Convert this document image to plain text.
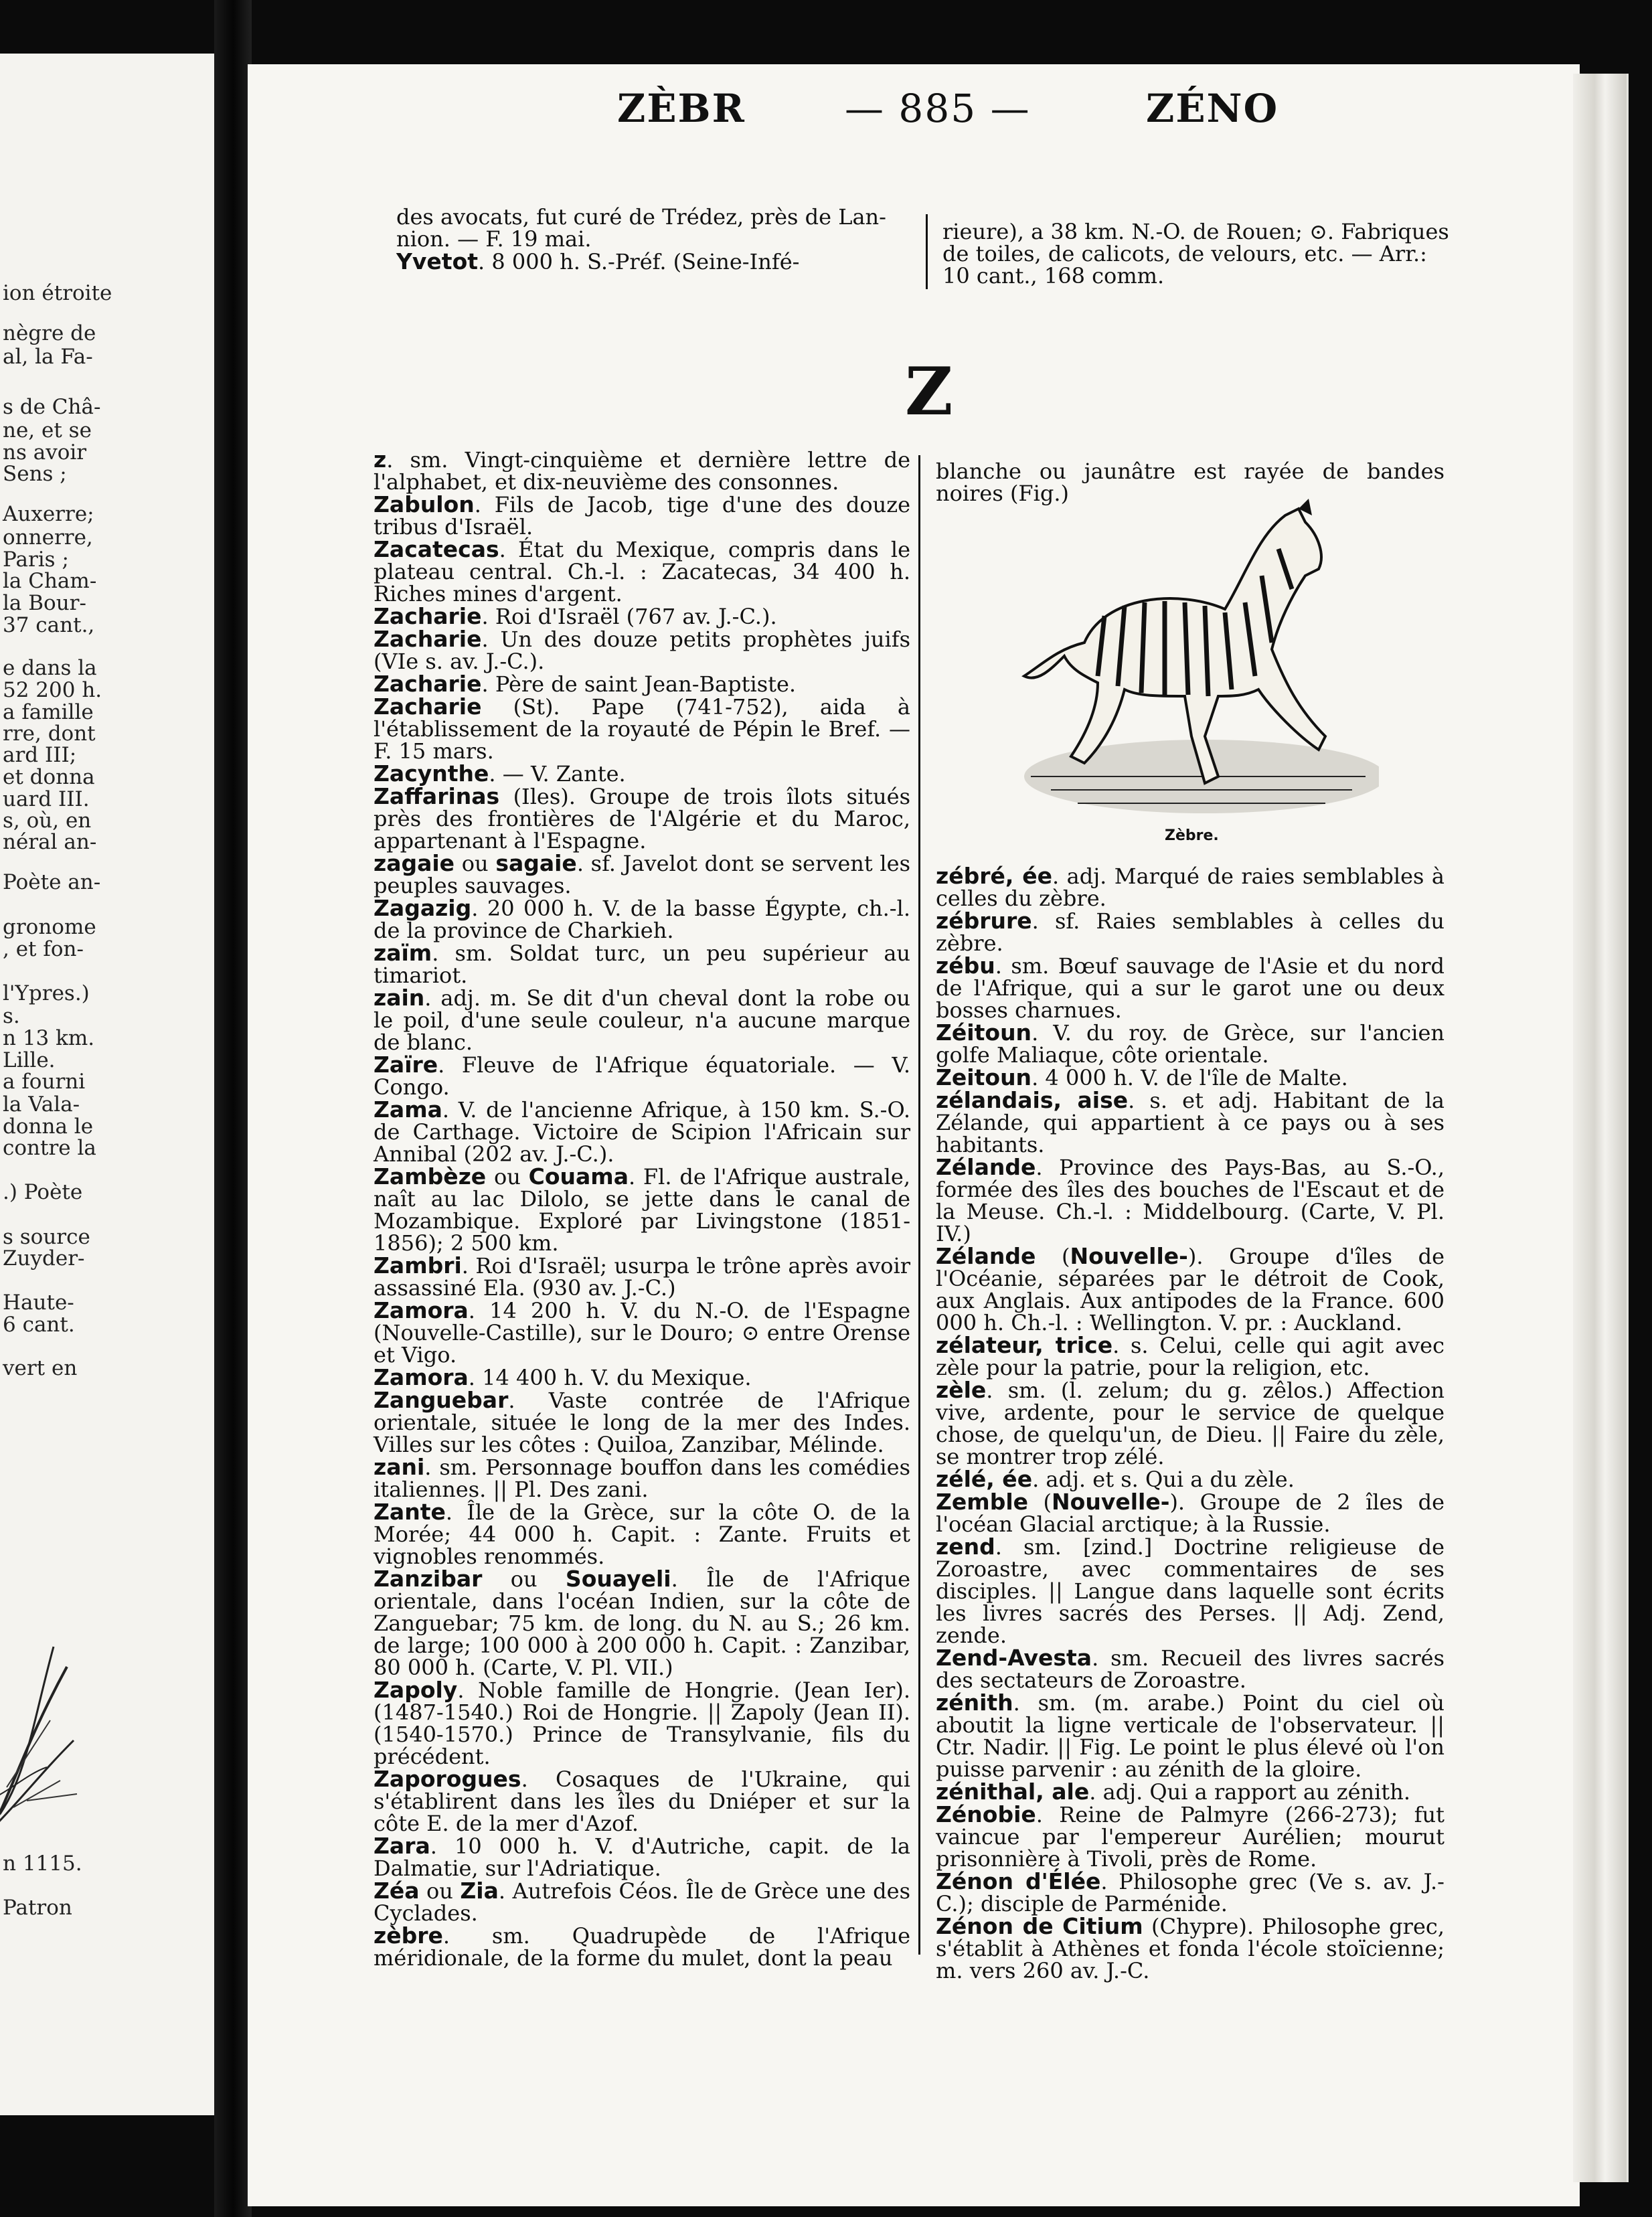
ion étroite
nègre de
al, la Fa-
s de Châ-
ne, et se
ns avoir
Sens ;
Auxerre;
onnerre,
Paris ;
la Cham-
la Bour-
37 cant.,
e dans la
52 200 h.
a famille
rre, dont
ard III;
et donna
uard III.
s, où, en
néral an-
Poète an-
gronome
, et fon-
l'Ypres.)
s.
n 13 km.
Lille.
a fourni
la Vala-
donna le
contre la
.) Poète
s source
Zuyder-
Haute-
6 cant.
vert en
n 1115.
Patron
ZÈBR	— 885 —	ZÉNO

des avocats, fut curé de Trédez, près de Lan-

nion. — F. 19 mai.

Yvetot. 8 000 h. S.-Préf. (Seine-Infé-

rieure), a 38 km. N.-O. de Rouen; ⊙. Fabriques

de toiles, de calicots, de velours, etc. — Arr.:

10 cant., 168 comm.

Z

z. sm. Vingt-cinquième et dernière lettre de l'alphabet, et dix-neuvième des consonnes.

Zabulon. Fils de Jacob, tige d'une des douze tribus d'Israël.

Zacatecas. État du Mexique, compris dans le plateau central. Ch.-l. : Zacatecas, 34 400 h. Riches mines d'argent.

Zacharie. Roi d'Israël (767 av. J.-C.).

Zacharie. Un des douze petits prophètes juifs (VIe s. av. J.-C.).

Zacharie. Père de saint Jean-Baptiste.

Zacharie (St). Pape (741-752), aida à l'établissement de la royauté de Pépin le Bref. — F. 15 mars.

Zacynthe. — V. Zante.

Zaffarinas (Iles). Groupe de trois îlots situés près des frontières de l'Algérie et du Maroc, appartenant à l'Espagne.

zagaie ou sagaie. sf. Javelot dont se servent les peuples sauvages.

Zagazig. 20 000 h. V. de la basse Égypte, ch.-l. de la province de Charkieh.

zaïm. sm. Soldat turc, un peu supérieur au timariot.

zain. adj. m. Se dit d'un cheval dont la robe ou le poil, d'une seule couleur, n'a aucune marque de blanc.

Zaïre. Fleuve de l'Afrique équatoriale. — V. Congo.

Zama. V. de l'ancienne Afrique, à 150 km. S.-O. de Carthage. Victoire de Scipion l'Africain sur Annibal (202 av. J.-C.).

Zambèze ou Couama. Fl. de l'Afrique australe, naît au lac Dilolo, se jette dans le canal de Mozambique. Exploré par Livingstone (1851-1856); 2 500 km.

Zambri. Roi d'Israël; usurpa le trône après avoir assassiné Ela. (930 av. J.-C.)

Zamora. 14 200 h. V. du N.-O. de l'Espagne (Nouvelle-Castille), sur le Douro; ⊙ entre Orense et Vigo.

Zamora. 14 400 h. V. du Mexique.

Zanguebar. Vaste contrée de l'Afrique orientale, située le long de la mer des Indes. Villes sur les côtes : Quiloa, Zanzibar, Mélinde.

zani. sm. Personnage bouffon dans les comédies italiennes. || Pl. Des zani.

Zante. Île de la Grèce, sur la côte O. de la Morée; 44 000 h. Capit. : Zante. Fruits et vignobles renommés.

Zanzibar ou Souayeli. Île de l'Afrique orientale, dans l'océan Indien, sur la côte de Zanguebar; 75 km. de long. du N. au S.; 26 km. de large; 100 000 à 200 000 h. Capit. : Zanzibar, 80 000 h. (Carte, V. Pl. VII.)

Zapoly. Noble famille de Hongrie. (Jean Ier). (1487-1540.) Roi de Hongrie. || Zapoly (Jean II). (1540-1570.) Prince de Transylvanie, fils du précédent.

Zaporogues. Cosaques de l'Ukraine, qui s'établirent dans les îles du Dniéper et sur la côte E. de la mer d'Azof.

Zara. 10 000 h. V. d'Autriche, capit. de la Dalmatie, sur l'Adriatique.

Zéa ou Zia. Autrefois Céos. Île de Grèce une des Cyclades.

zèbre. sm. Quadrupède de l'Afrique méridionale, de la forme du mulet, dont la peau

blanche ou jaunâtre est rayée de bandes noires (Fig.)

Zèbre.

zébré, ée. adj. Marqué de raies semblables à celles du zèbre.

zébrure. sf. Raies semblables à celles du zèbre.

zébu. sm. Bœuf sauvage de l'Asie et du nord de l'Afrique, qui a sur le garot une ou deux bosses charnues.

Zéitoun. V. du roy. de Grèce, sur l'ancien golfe Maliaque, côte orientale.

Zeitoun. 4 000 h. V. de l'île de Malte.

zélandais, aise. s. et adj. Habitant de la Zélande, qui appartient à ce pays ou à ses habitants.

Zélande. Province des Pays-Bas, au S.-O., formée des îles des bouches de l'Escaut et de la Meuse. Ch.-l. : Middelbourg. (Carte, V. Pl. IV.)

Zélande (Nouvelle-). Groupe d'îles de l'Océanie, séparées par le détroit de Cook, aux Anglais. Aux antipodes de la France. 600 000 h. Ch.-l. : Wellington. V. pr. : Auckland.

zélateur, trice. s. Celui, celle qui agit avec zèle pour la patrie, pour la religion, etc.

zèle. sm. (l. zelum; du g. zêlos.) Affection vive, ardente, pour le service de quelque chose, de quelqu'un, de Dieu. || Faire du zèle, se montrer trop zélé.

zélé, ée. adj. et s. Qui a du zèle.

Zemble (Nouvelle-). Groupe de 2 îles de l'océan Glacial arctique; à la Russie.

zend. sm. [zind.] Doctrine religieuse de Zoroastre, avec commentaires de ses disciples. || Langue dans laquelle sont écrits les livres sacrés des Perses. || Adj. Zend, zende.

Zend-Avesta. sm. Recueil des livres sacrés des sectateurs de Zoroastre.

zénith. sm. (m. arabe.) Point du ciel où aboutit la ligne verticale de l'observateur. || Ctr. Nadir. || Fig. Le point le plus élevé où l'on puisse parvenir : au zénith de la gloire.

zénithal, ale. adj. Qui a rapport au zénith.

Zénobie. Reine de Palmyre (266-273); fut vaincue par l'empereur Aurélien; mourut prisonnière à Tivoli, près de Rome.

Zénon d'Élée. Philosophe grec (Ve s. av. J.-C.); disciple de Parménide.

Zénon de Citium (Chypre). Philosophe grec, s'établit à Athènes et fonda l'école stoïcienne; m. vers 260 av. J.-C.
